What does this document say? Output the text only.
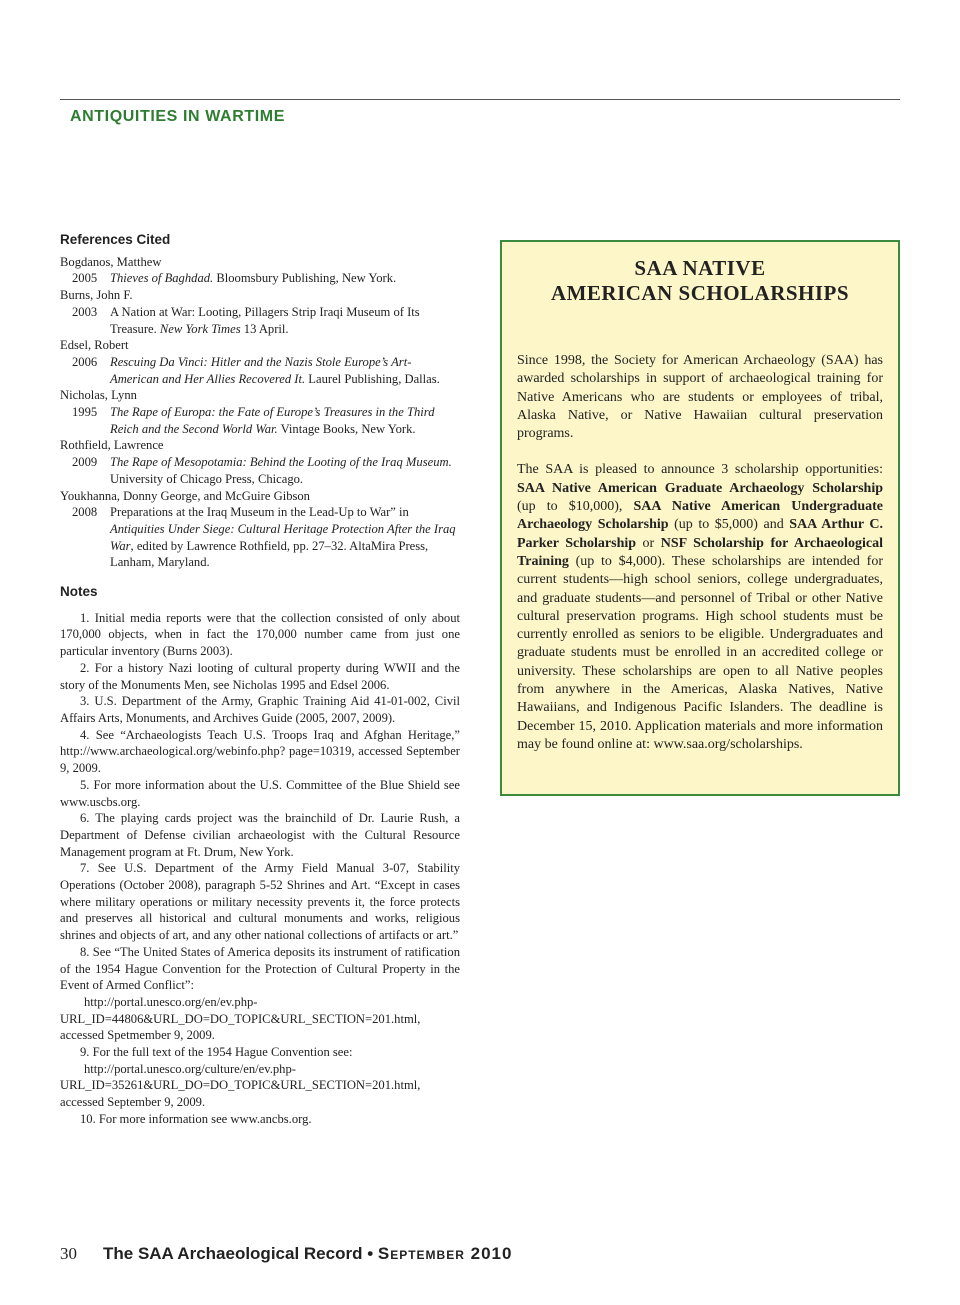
ANTIQUITIES IN WARTIME
References Cited

Bogdanos, Matthew

2005	Thieves of Baghdad. Bloomsbury Publishing, New York.

Burns, John F.

2003	A Nation at War: Looting, Pillagers Strip Iraqi Museum of Its Treasure. New York Times 13 April.

Edsel, Robert

2006	Rescuing Da Vinci: Hitler and the Nazis Stole Europe’s Art-American and Her Allies Recovered It. Laurel Publishing, Dallas.

Nicholas, Lynn

1995	The Rape of Europa: the Fate of Europe’s Treasures in the Third Reich and the Second World War. Vintage Books, New York.

Rothfield, Lawrence

2009	The Rape of Mesopotamia: Behind the Looting of the Iraq Museum. University of Chicago Press, Chicago.

Youkhanna, Donny George, and McGuire Gibson

2008	Preparations at the Iraq Museum in the Lead-Up to War” in Antiquities Under Siege: Cultural Heritage Protection After the Iraq War, edited by Lawrence Rothfield, pp. 27–32. AltaMira Press, Lanham, Maryland.
Notes

1. Initial media reports were that the collection consisted of only about 170,000 objects, when in fact the 170,000 number came from just one particular inventory (Burns 2003).

2. For a history Nazi looting of cultural property during WWII and the story of the Monuments Men, see Nicholas 1995 and Edsel 2006.

3. U.S. Department of the Army, Graphic Training Aid 41-01-002, Civil Affairs Arts, Monuments, and Archives Guide (2005, 2007, 2009).

4. See “Archaeologists Teach U.S. Troops Iraq and Afghan Heritage,” http://www.archaeological.org/webinfo.php? page=10319, accessed September 9, 2009.

5. For more information about the U.S. Committee of the Blue Shield see www.uscbs.org.

6. The playing cards project was the brainchild of Dr. Laurie Rush, a Department of Defense civilian archaeologist with the Cultural Resource Management program at Ft. Drum, New York.

7. See U.S. Department of the Army Field Manual 3-07, Stability Operations (October 2008), paragraph 5-52 Shrines and Art. “Except in cases where military operations or military necessity prevents it, the force protects and preserves all historical and cultural monuments and works, religious shrines and objects of art, and any other national collections of artifacts or art.”

8. See “The United States of America deposits its instrument of ratification of the 1954 Hague Convention for the Protection of Cultural Property in the Event of Armed Conflict”:

http://portal.unesco.org/en/ev.php-
URL_ID=44806&URL_DO=DO_TOPIC&URL_SECTION=201.html,
accessed Spetmember 9, 2009.

9. For the full text of the 1954 Hague Convention see:

http://portal.unesco.org/culture/en/ev.php-
URL_ID=35261&URL_DO=DO_TOPIC&URL_SECTION=201.html,
accessed September 9, 2009.

10. For more information see www.ancbs.org.

SAA NATIVE
AMERICAN SCHOLARSHIPS

Since 1998, the Society for American Archaeology (SAA) has awarded scholarships in support of archaeological training for Native Americans who are students or employees of tribal, Alaska Native, or Native Hawaiian cultural preservation programs.

The SAA is pleased to announce 3 scholarship opportunities: SAA Native American Graduate Archaeology Scholarship (up to $10,000), SAA Native American Undergraduate Archaeology Scholarship (up to $5,000) and SAA Arthur C. Parker Scholarship or NSF Scholarship for Archaeological Training (up to $4,000). These scholarships are intended for current students—high school seniors, college undergraduates, and graduate students—and personnel of Tribal or other Native cultural preservation programs. High school students must be currently enrolled as seniors to be eligible. Undergraduates and graduate students must be enrolled in an accredited college or university. These scholarships are open to all Native peoples from anywhere in the Americas, Alaska Natives, Native Hawaiians, and Indigenous Pacific Islanders. The deadline is December 15, 2010. Application materials and more information may be found online at: www.saa.org/scholarships.

30 The SAA Archaeological Record • September 2010
